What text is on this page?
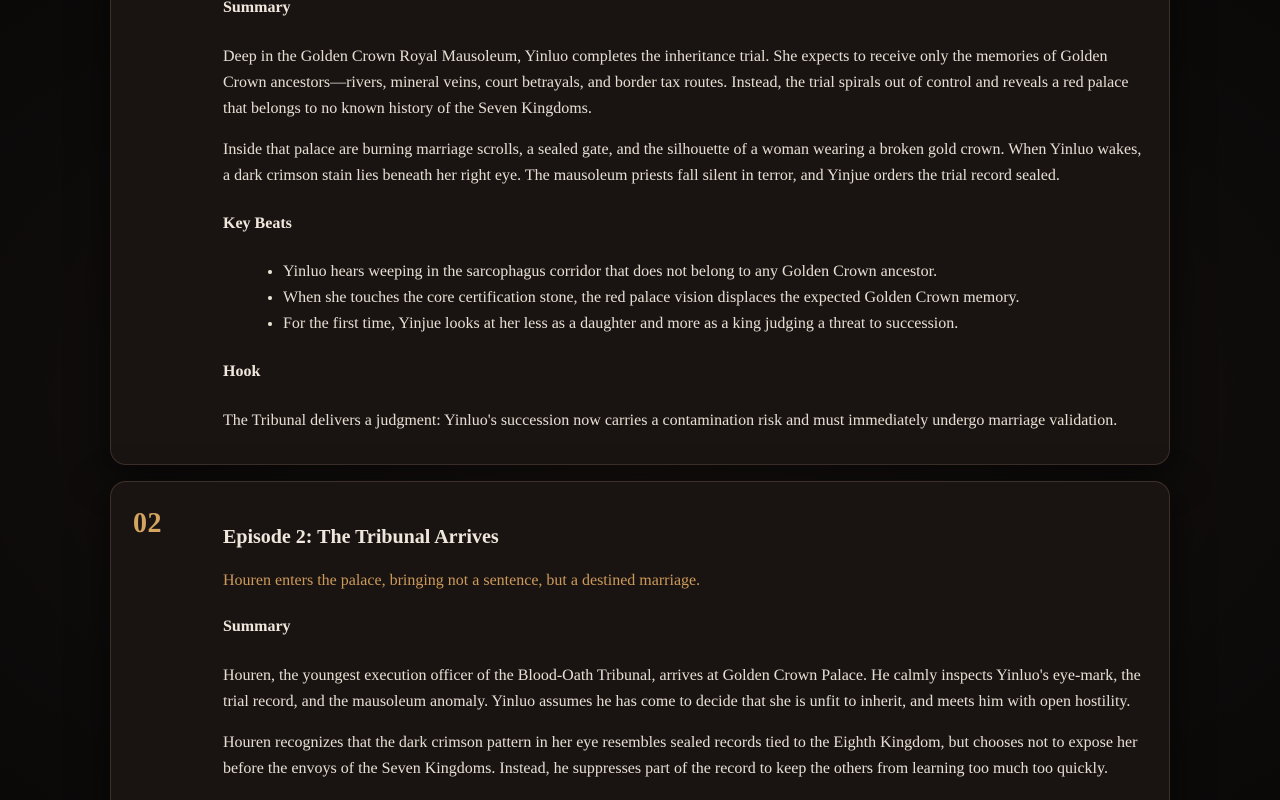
Summary

Deep in the Golden Crown Royal Mausoleum, Yinluo completes the inheritance trial. She expects to receive only the memories of Golden Crown ancestors—rivers, mineral veins, court betrayals, and border tax routes. Instead, the trial spirals out of control and reveals a red palace that belongs to no known history of the Seven Kingdoms.

Inside that palace are burning marriage scrolls, a sealed gate, and the silhouette of a woman wearing a broken gold crown. When Yinluo wakes, a dark crimson stain lies beneath her right eye. The mausoleum priests fall silent in terror, and Yinjue orders the trial record sealed.

Key Beats
• Yinluo hears weeping in the sarcophagus corridor that does not belong to any Golden Crown ancestor.
• When she touches the core certification stone, the red palace vision displaces the expected Golden Crown memory.
• For the first time, Yinjue looks at her less as a daughter and more as a king judging a threat to succession.
Hook

The Tribunal delivers a judgment: Yinluo's succession now carries a contamination risk and must immediately undergo marriage validation.

02	Episode 2: The Tribunal Arrives

Houren enters the palace, bringing not a sentence, but a destined marriage.

Summary

Houren, the youngest execution officer of the Blood-Oath Tribunal, arrives at Golden Crown Palace. He calmly inspects Yinluo's eye-mark, the trial record, and the mausoleum anomaly. Yinluo assumes he has come to decide that she is unfit to inherit, and meets him with open hostility.

Houren recognizes that the dark crimson pattern in her eye resembles sealed records tied to the Eighth Kingdom, but chooses not to expose her before the envoys of the Seven Kingdoms. Instead, he suppresses part of the record to keep the others from learning too much too quickly.
